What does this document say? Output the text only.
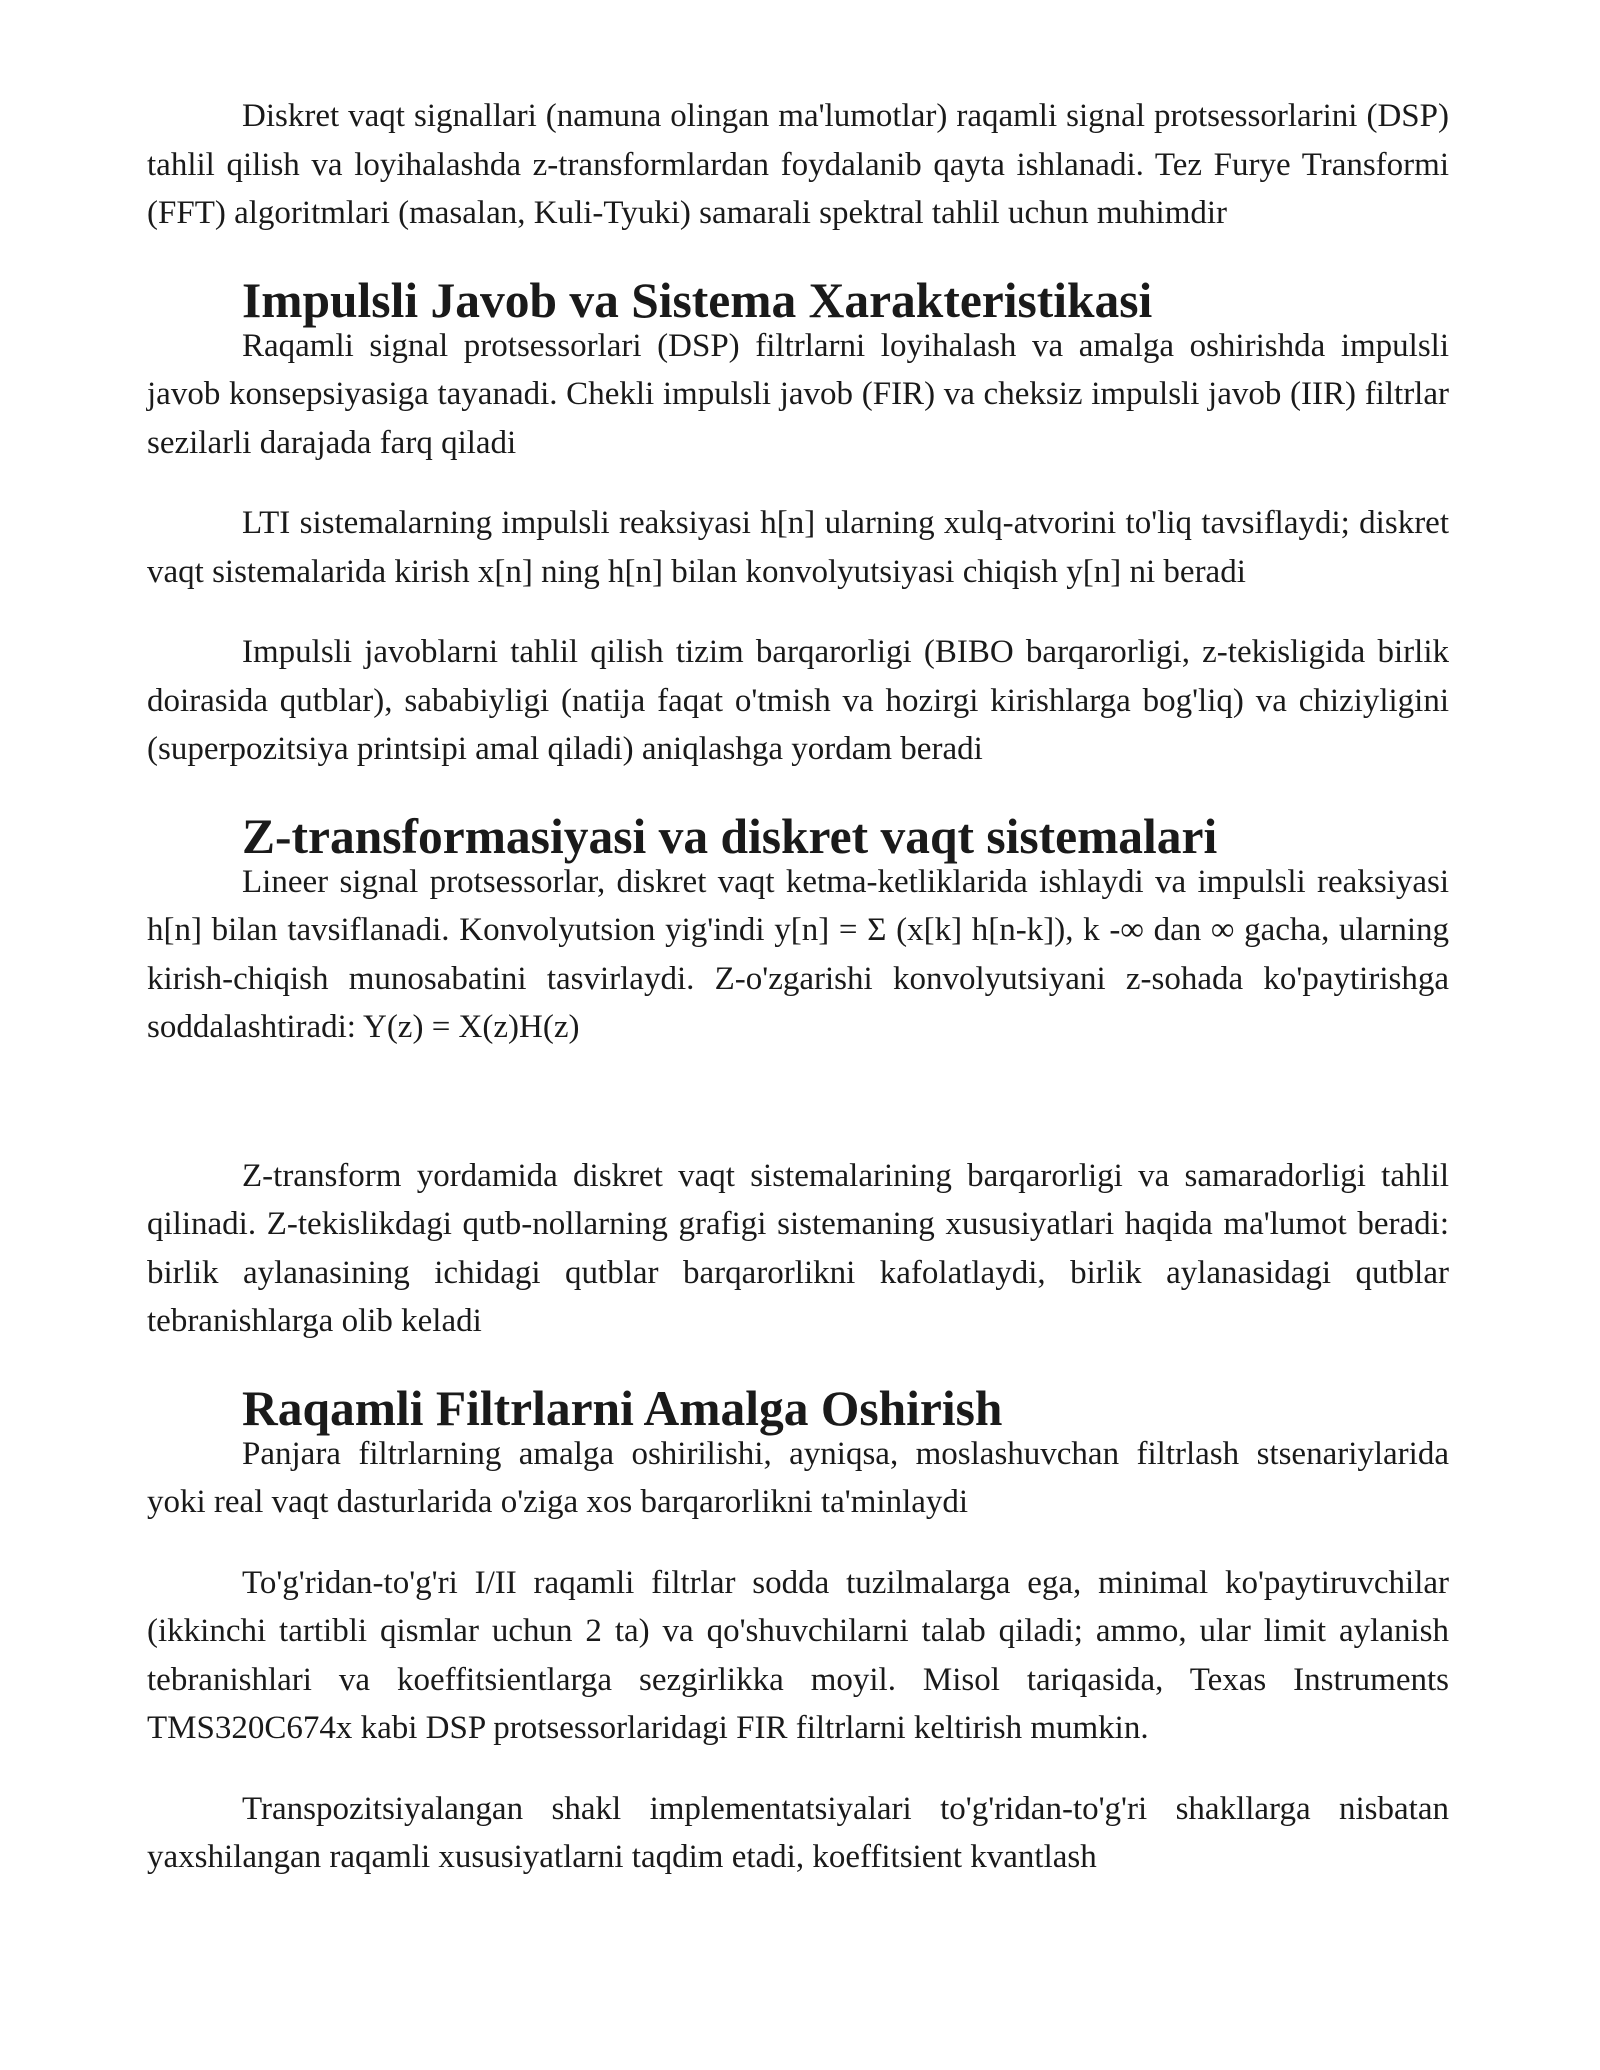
Diskret vaqt signallari (namuna olingan ma'lumotlar) raqamli signal protsessorlarini (DSP) tahlil qilish va loyihalashda z-transformlardan foydalanib qayta ishlanadi. Tez Furye Transformi (FFT) algoritmlari (masalan, Kuli-Tyuki) samarali spektral tahlil uchun muhimdir

Impulsli Javob va Sistema Xarakteristikasi

Raqamli signal protsessorlari (DSP) filtrlarni loyihalash va amalga oshirishda impulsli javob konsepsiyasiga tayanadi. Chekli impulsli javob (FIR) va cheksiz impulsli javob (IIR) filtrlar sezilarli darajada farq qiladi

LTI sistemalarning impulsli reaksiyasi h[n] ularning xulq-atvorini to'liq tavsiflaydi; diskret vaqt sistemalarida kirish x[n] ning h[n] bilan konvolyutsiyasi chiqish y[n] ni beradi

Impulsli javoblarni tahlil qilish tizim barqarorligi (BIBO barqarorligi, z-tekisligida birlik doirasida qutblar), sababiyligi (natija faqat o'tmish va hozirgi kirishlarga bog'liq) va chiziyligini (superpozitsiya printsipi amal qiladi) aniqlashga yordam beradi

Z-transformasiyasi va diskret vaqt sistemalari

Lineer signal protsessorlar, diskret vaqt ketma-ketliklarida ishlaydi va impulsli reaksiyasi h[n] bilan tavsiflanadi. Konvolyutsion yig'indi y[n] = Σ (x[k] h[n-k]), k -∞ dan ∞ gacha, ularning kirish-chiqish munosabatini tasvirlaydi. Z-o'zgarishi konvolyutsiyani z-sohada ko'paytirishga soddalashtiradi: Y(z) = X(z)H(z)

Z-transform yordamida diskret vaqt sistemalarining barqarorligi va samaradorligi tahlil qilinadi. Z-tekislikdagi qutb-nollarning grafigi sistemaning xususiyatlari haqida ma'lumot beradi: birlik aylanasining ichidagi qutblar barqarorlikni kafolatlaydi, birlik aylanasidagi qutblar tebranishlarga olib keladi

Raqamli Filtrlarni Amalga Oshirish

Panjara filtrlarning amalga oshirilishi, ayniqsa, moslashuvchan filtrlash stsenariylarida yoki real vaqt dasturlarida o'ziga xos barqarorlikni ta'minlaydi

To'g'ridan-to'g'ri I/II raqamli filtrlar sodda tuzilmalarga ega, minimal ko'paytiruvchilar (ikkinchi tartibli qismlar uchun 2 ta) va qo'shuvchilarni talab qiladi; ammo, ular limit aylanish tebranishlari va koeffitsientlarga sezgirlikka moyil. Misol tariqasida, Texas Instruments TMS320C674x kabi DSP protsessorlaridagi FIR filtrlarni keltirish mumkin.

Transpozitsiyalangan shakl implementatsiyalari to'g'ridan-to'g'ri shakllarga nisbatan yaxshilangan raqamli xususiyatlarni taqdim etadi, koeffitsient kvantlash
